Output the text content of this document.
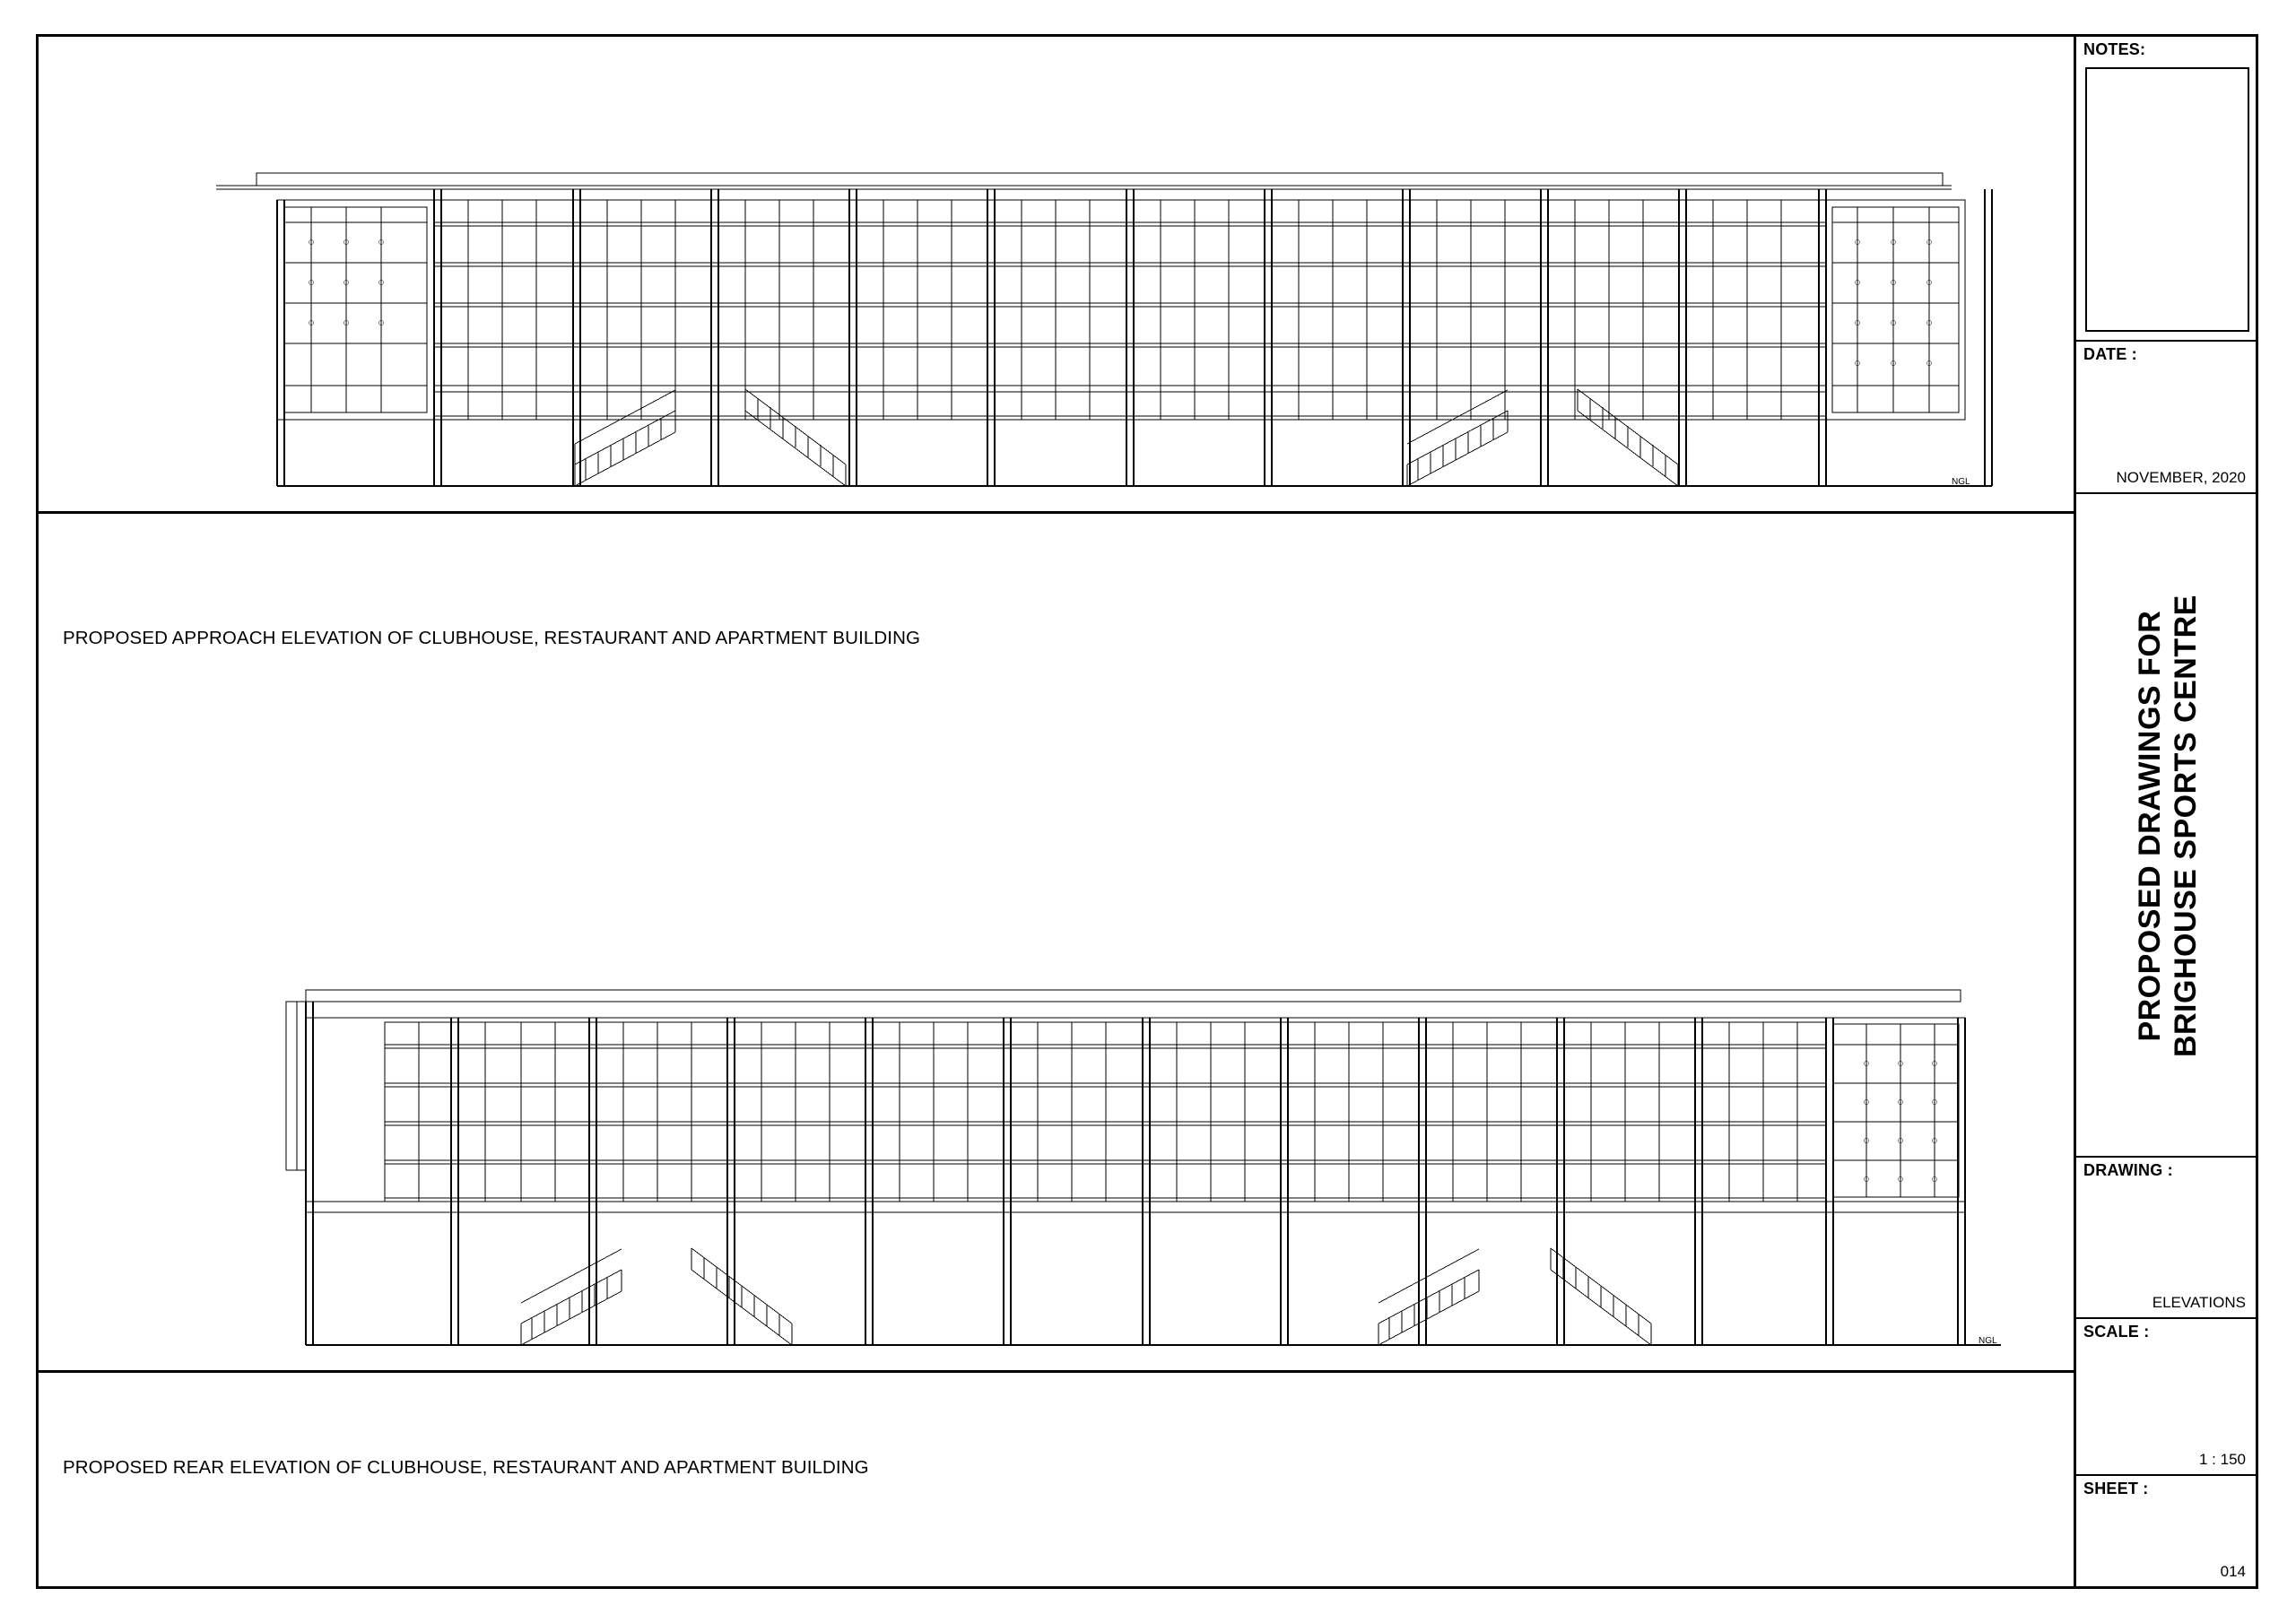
NGL
NGL
PROPOSED APPROACH ELEVATION OF CLUBHOUSE, RESTAURANT AND APARTMENT BUILDING
PROPOSED REAR ELEVATION OF CLUBHOUSE, RESTAURANT AND APARTMENT BUILDING
NOTES:
DATE :
NOVEMBER, 2020
PROPOSED DRAWINGS FOR BRIGHOUSE SPORTS CENTRE
DRAWING :
ELEVATIONS
SCALE :
1 : 150
SHEET :
014
